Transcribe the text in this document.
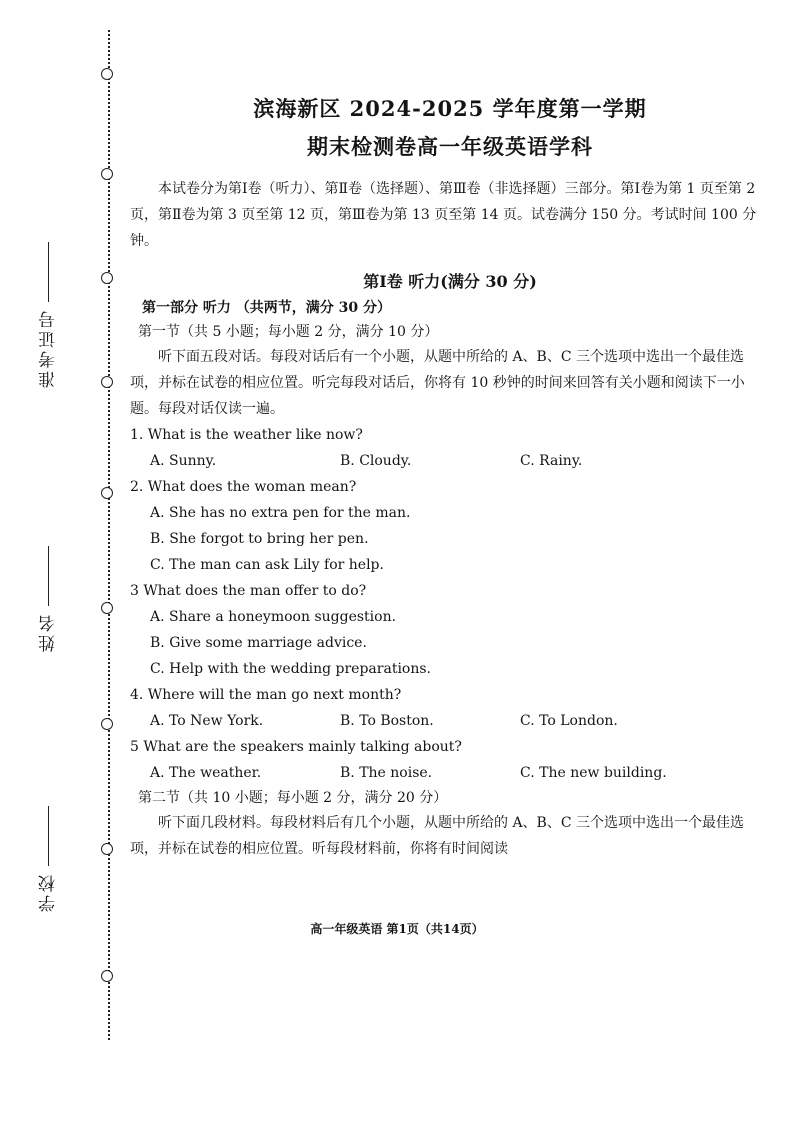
准考证号
姓名
学校
滨海新区 2024-2025 学年度第一学期
期末检测卷高一年级英语学科

本试卷分为第Ⅰ卷（听力）、第Ⅱ卷（选择题）、第Ⅲ卷（非选择题）三部分。第Ⅰ卷为第 1 页至第 2 页，第Ⅱ卷为第 3 页至第 12 页，第Ⅲ卷为第 13 页至第 14 页。试卷满分 150 分。考试时间 100 分钟。

第Ⅰ卷 听力(满分 30 分)
第一部分 听力 （共两节，满分 30 分）
第一节（共 5 小题；每小题 2 分，满分 10 分）

听下面五段对话。每段对话后有一个小题，从题中所给的 A、B、C 三个选项中选出一个最佳选项，并标在试卷的相应位置。听完每段对话后，你将有 10 秒钟的时间来回答有关小题和阅读下一小题。每段对话仅读一遍。

1. What is the weather like now?
A. Sunny.	B. Cloudy.	C. Rainy.
2. What does the woman mean?
A. She has no extra pen for the man.
B. She forgot to bring her pen.
C. The man can ask Lily for help.
3 What does the man offer to do?
A. Share a honeymoon suggestion.
B. Give some marriage advice.
C. Help with the wedding preparations.
4. Where will the man go next month?
A. To New York.	B. To Boston.	C. To London.
5 What are the speakers mainly talking about?
A. The weather.	B. The noise.	C. The new building.
第二节（共 10 小题；每小题 2 分，满分 20 分）

听下面几段材料。每段材料后有几个小题，从题中所给的 A、B、C 三个选项中选出一个最佳选项，并标在试卷的相应位置。听每段材料前，你将有时间阅读

高一年级英语 第1页（共14页）
